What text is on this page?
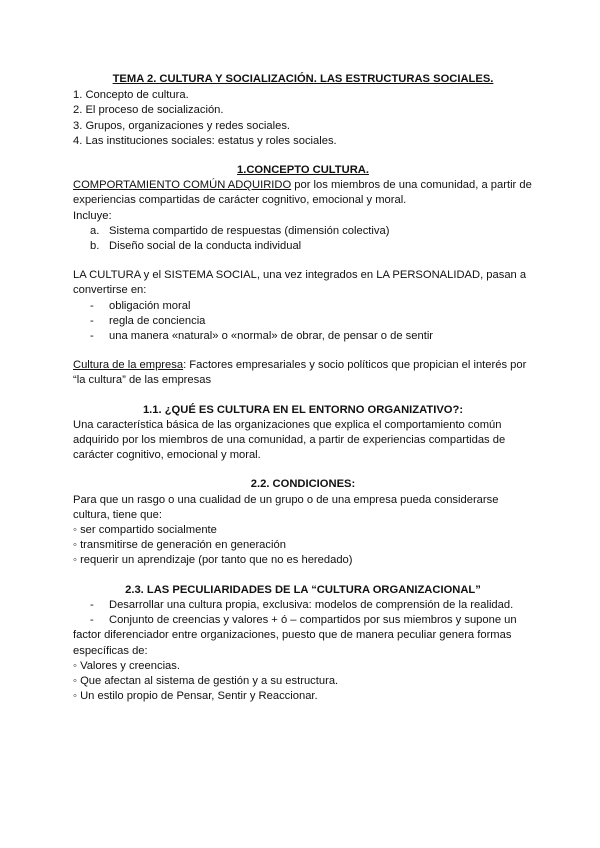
TEMA 2. CULTURA Y SOCIALIZACIÓN. LAS ESTRUCTURAS SOCIALES.

1. Concepto de cultura.

2. El proceso de socialización.

3. Grupos, organizaciones y redes sociales.

4. Las instituciones sociales: estatus y roles sociales.

1.CONCEPTO CULTURA.

COMPORTAMIENTO COMÚN ADQUIRIDO por los miembros de una comunidad, a partir de experiencias compartidas de carácter cognitivo, emocional y moral.

Incluye:

a. Sistema compartido de respuestas (dimensión colectiva)
b. Diseño social de la conducta individual

LA CULTURA y el SISTEMA SOCIAL, una vez integrados en LA PERSONALIDAD, pasan a convertirse en:

- obligación moral
- regla de conciencia
- una manera «natural» o «normal» de obrar, de pensar o de sentir

Cultura de la empresa: Factores empresariales y socio políticos que propician el interés por “la cultura” de las empresas

1.1. ¿QUÉ ES CULTURA EN EL ENTORNO ORGANIZATIVO?:

Una característica básica de las organizaciones que explica el comportamiento común adquirido por los miembros de una comunidad, a partir de experiencias compartidas de carácter cognitivo, emocional y moral.

2.2. CONDICIONES:

Para que un rasgo o una cualidad de un grupo o de una empresa pueda considerarse cultura, tiene que:

◦ ser compartido socialmente

◦ transmitirse de generación en generación

◦ requerir un aprendizaje (por tanto que no es heredado)

2.3. LAS PECULIARIDADES DE LA “CULTURA ORGANIZACIONAL”

- Desarrollar una cultura propia, exclusiva: modelos de comprensión de la realidad.
- Conjunto de creencias y valores + ó – compartidos por sus miembros y supone un

factor diferenciador entre organizaciones, puesto que de manera peculiar genera formas específicas de:

◦ Valores y creencias.

◦ Que afectan al sistema de gestión y a su estructura.

◦ Un estilo propio de Pensar, Sentir y Reaccionar.
